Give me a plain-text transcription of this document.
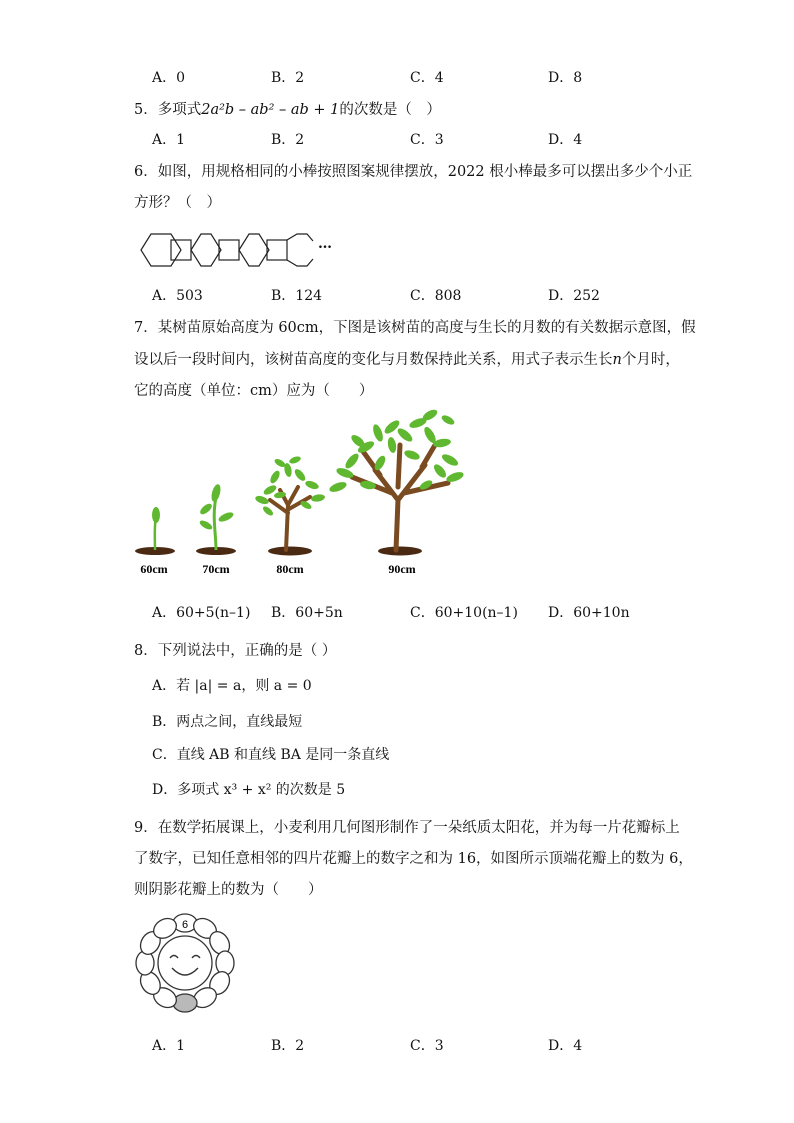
A．0	B．2	C．4	D．8
5．多项式2a²b – ab² – ab + 1的次数是（　）
A．1	B．2	C．3	D．4
6．如图，用规格相同的小棒按照图案规律摆放，2022 根小棒最多可以摆出多少个小正
方形？（　）
…
A．503	B．124	C．808	D．252
7．某树苗原始高度为 60cm，下图是该树苗的高度与生长的月数的有关数据示意图，假
设以后一段时间内，该树苗高度的变化与月数保持此关系，用式子表示生长n个月时，
它的高度（单位：cm）应为（　　）
60cm	70cm	80cm	90cm
A．60+5(n–1) B．60+5n	C．60+10(n–1) D．60+10n
8．下列说法中，正确的是（ ）
A．若 |a| = a，则 a = 0
B．两点之间，直线最短
C．直线 AB 和直线 BA 是同一条直线
D．多项式 x³ + x² 的次数是 5
9．在数学拓展课上，小麦利用几何图形制作了一朵纸质太阳花，并为每一片花瓣标上
了数字，已知任意相邻的四片花瓣上的数字之和为 16，如图所示顶端花瓣上的数为 6，
则阴影花瓣上的数为（　　）
6
A．1	B．2	C．3	D．4
